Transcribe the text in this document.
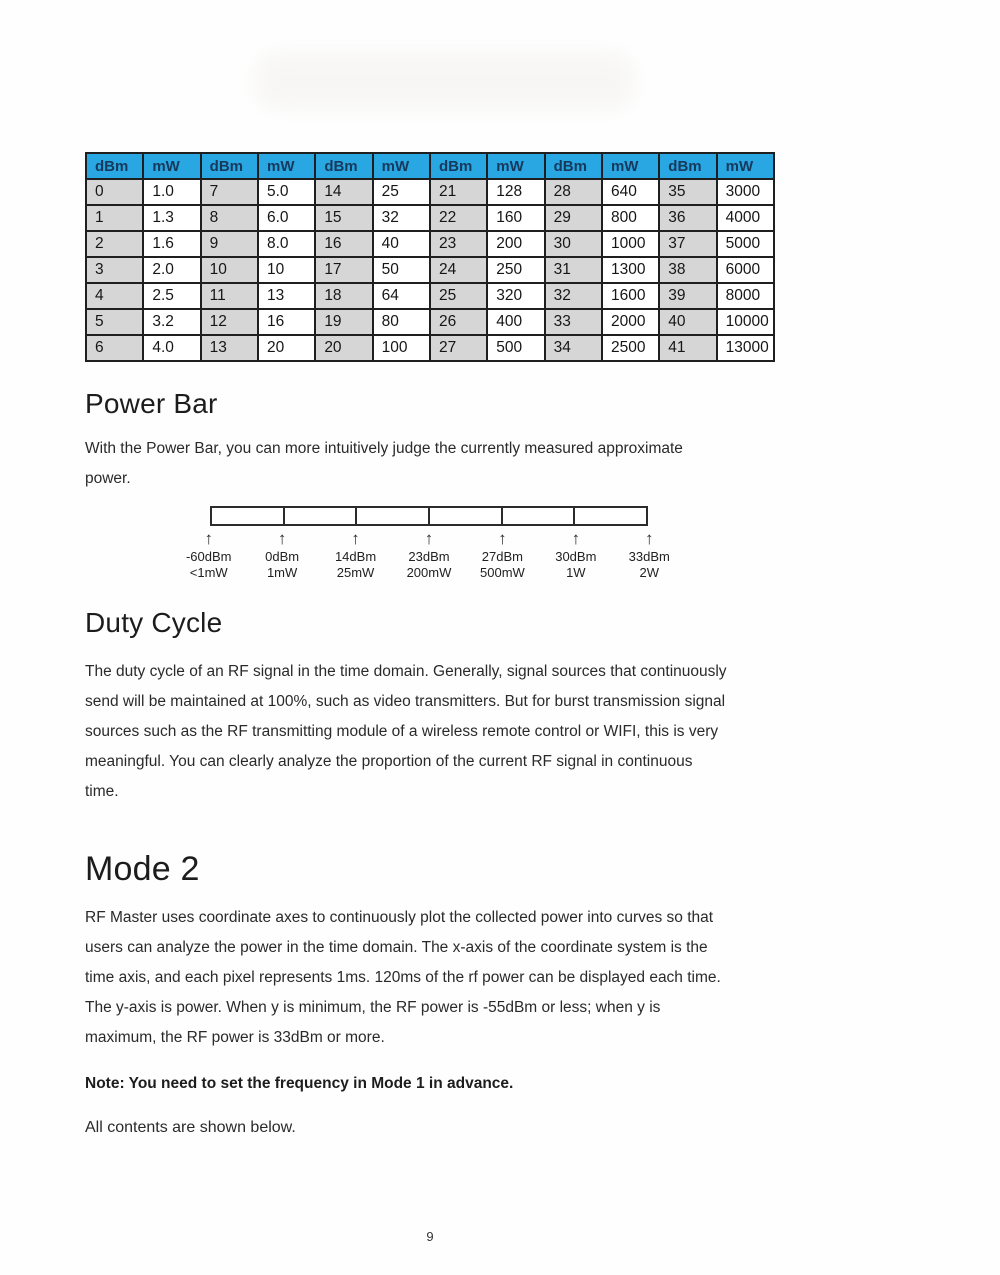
dBm	mW	dBm	mW	dBm	mW	dBm	mW	dBm	mW	dBm	mW
0	1.0	7	5.0	14	25	21	128	28	640	35	3000
1	1.3	8	6.0	15	32	22	160	29	800	36	4000
2	1.6	9	8.0	16	40	23	200	30	1000	37	5000
3	2.0	10	10	17	50	24	250	31	1300	38	6000
4	2.5	11	13	18	64	25	320	32	1600	39	8000
5	3.2	12	16	19	80	26	400	33	2000	40	10000
6	4.0	13	20	20	100	27	500	34	2500	41	13000
Power Bar
With the Power Bar, you can more intuitively judge the currently measured approximate
power.
↑
-60dBm
<1mW
↑
0dBm
1mW
↑
14dBm
25mW
↑
23dBm
200mW
↑
27dBm
500mW
↑
30dBm
1W
↑
33dBm
2W
Duty Cycle
The duty cycle of an RF signal in the time domain. Generally, signal sources that continuously
send will be maintained at 100%, such as video transmitters. But for burst transmission signal
sources such as the RF transmitting module of a wireless remote control or WIFI, this is very
meaningful. You can clearly analyze the proportion of the current RF signal in continuous
time.
Mode 2
RF Master uses coordinate axes to continuously plot the collected power into curves so that
users can analyze the power in the time domain. The x-axis of the coordinate system is the
time axis, and each pixel represents 1ms. 120ms of the rf power can be displayed each time.
The y-axis is power. When y is minimum, the RF power is -55dBm or less; when y is
maximum, the RF power is 33dBm or more.
Note: You need to set the frequency in Mode 1 in advance.
All contents are shown below.
9
